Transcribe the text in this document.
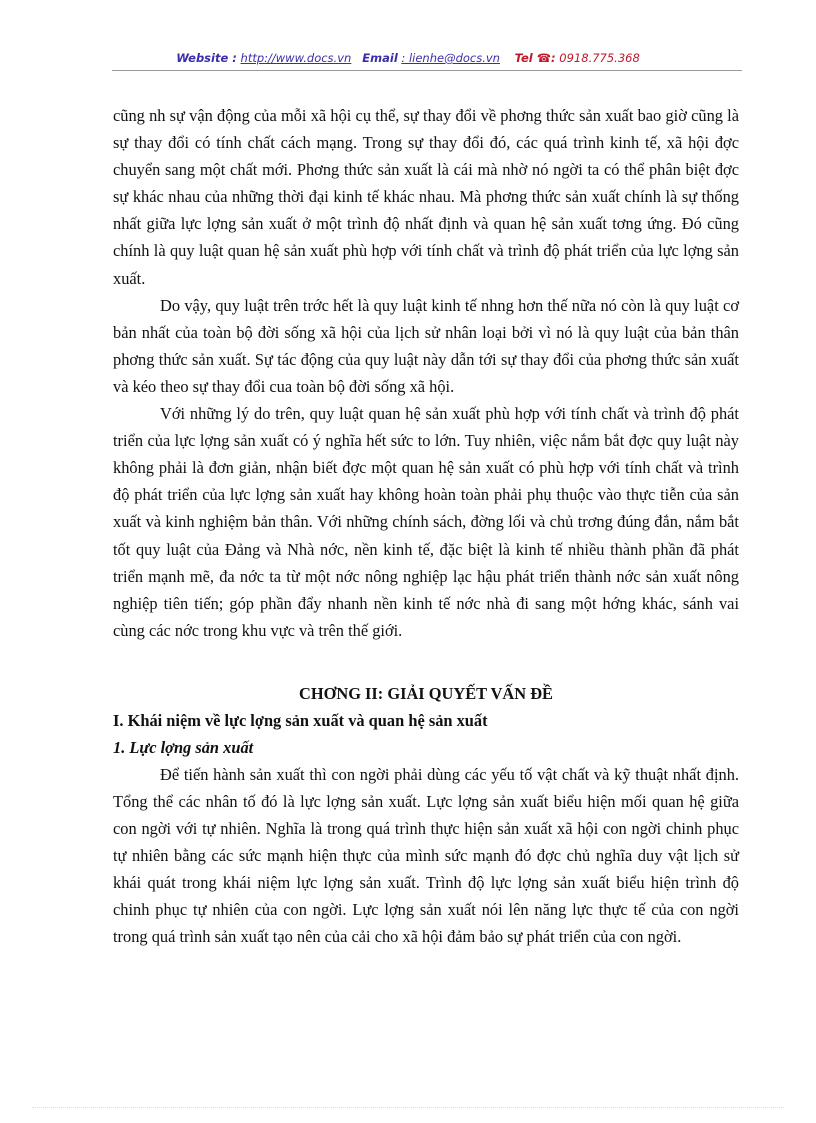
Website : http://www.docs.vn Email : lienhe@docs.vn Tel ☎: 0918.775.368

cũng nh sự vận động của mỗi xã hội cụ thể, sự thay đổi về phơng thức sản xuất bao giờ cũng là sự thay đổi có tính chất cách mạng. Trong sự thay đổi đó, các quá trình kinh tế, xã hội đợc chuyển sang một chất mới. Phơng thức sản xuất là cái mà nhờ nó ngời ta có thể phân biệt đợc sự khác nhau của những thời đại kinh tế khác nhau. Mà phơng thức sản xuất chính là sự thống nhất giữa lực lợng sản xuất ở một trình độ nhất định và quan hệ sản xuất tơng ứng. Đó cũng chính là quy luật quan hệ sản xuất phù hợp với tính chất và trình độ phát triển của lực lợng sản xuất.

Do vậy, quy luật trên trớc hết là quy luật kinh tế nhng hơn thế nữa nó còn là quy luật cơ bản nhất của toàn bộ đời sống xã hội của lịch sử nhân loại bởi vì nó là quy luật của bản thân phơng thức sản xuất. Sự tác động của quy luật này dẫn tới sự thay đổi của phơng thức sản xuất và kéo theo sự thay đổi cua toàn bộ đời sống xã hội.

Với những lý do trên, quy luật quan hệ sản xuất phù hợp với tính chất và trình độ phát triển của lực lợng sản xuất có ý nghĩa hết sức to lớn. Tuy nhiên, việc nắm bắt đợc quy luật này không phải là đơn giản, nhận biết đợc một quan hệ sản xuất có phù hợp với tính chất và trình độ phát triển của lực lợng sản xuất hay không hoàn toàn phải phụ thuộc vào thực tiễn của sản xuất và kinh nghiệm bản thân. Với những chính sách, đờng lối và chủ trơng đúng đắn, nắm bắt tốt quy luật của Đảng và Nhà nớc, nền kinh tế, đặc biệt là kinh tế nhiều thành phần đã phát triển mạnh mẽ, đa nớc ta từ một nớc nông nghiệp lạc hậu phát triển thành nớc sản xuất nông nghiệp tiên tiến; góp phần đẩy nhanh nền kinh tế nớc nhà đi sang một hớng khác, sánh vai cùng các nớc trong khu vực và trên thế giới.

CHƠNG II: GIẢI QUYẾT VẤN ĐỀ
I. Khái niệm về lực lợng sản xuất và quan hệ sản xuất
1. Lực lợng sản xuất

Để tiến hành sản xuất thì con ngời phải dùng các yếu tố vật chất và kỹ thuật nhất định. Tổng thể các nhân tố đó là lực lợng sản xuất. Lực lợng sản xuất biểu hiện mối quan hệ giữa con ngời với tự nhiên. Nghĩa là trong quá trình thực hiện sản xuất xã hội con ngời chinh phục tự nhiên bằng các sức mạnh hiện thực của mình sức mạnh đó đợc chủ nghĩa duy vật lịch sử khái quát trong khái niệm lực lợng sản xuất. Trình độ lực lợng sản xuất biểu hiện trình độ chinh phục tự nhiên của con ngời. Lực lợng sản xuất nói lên năng lực thực tế của con ngời trong quá trình sản xuất tạo nên của cải cho xã hội đảm bảo sự phát triển của con ngời.
